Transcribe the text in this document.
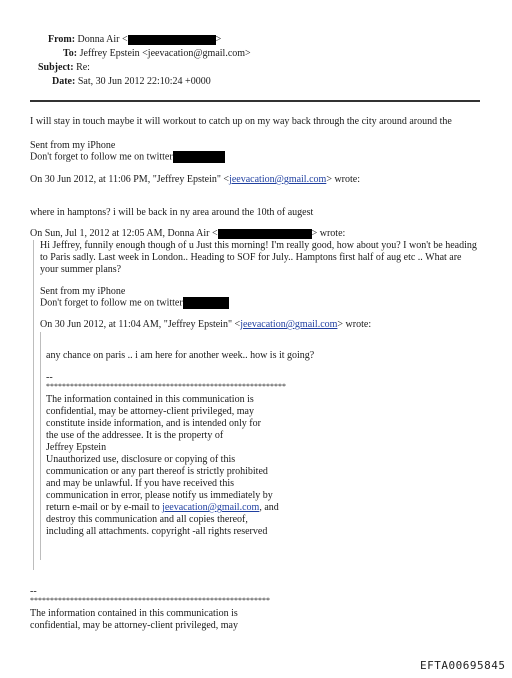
From: Donna Air <	>
To: Jeffrey Epstein <jeevacation@gmail.com>
Subject: Re:
Date: Sat, 30 Jun 2012 22:10:24 +0000
I will stay in touch maybe it will workout to catch up on my way back through the city around around the
Sent from my iPhone
Don't forget to follow me on twitter
On 30 Jun 2012, at 11:06 PM, "Jeffrey Epstein" <jeevacation@gmail.com> wrote:
where in hamptons? i will be back in ny area around the 10th of augest
On Sun, Jul 1, 2012 at 12:05 AM, Donna Air <	> wrote:
Hi Jeffrey, funnily enough though of u Just this morning! I'm really good, how about you? I won't be heading
to Paris sadly. Last week in London.. Heading to SOF for July.. Hamptons first half of aug etc .. What are
your summer plans?
Sent from my iPhone
Don't forget to follow me on twitter
On 30 Jun 2012, at 11:04 AM, "Jeffrey Epstein" <jeevacation@gmail.com> wrote:
any chance on paris .. i am here for another week.. how is it going?
--
************************************************************
The information contained in this communication is
confidential, may be attorney-client privileged, may
constitute inside information, and is intended only for
the use of the addressee. It is the property of
Jeffrey Epstein
Unauthorized use, disclosure or copying of this
communication or any part thereof is strictly prohibited
and may be unlawful. If you have received this
communication in error, please notify us immediately by
return e-mail or by e-mail to jeevacation@gmail.com, and
destroy this communication and all copies thereof,
including all attachments. copyright -all rights reserved
--
************************************************************
The information contained in this communication is
confidential, may be attorney-client privileged, may
EFTA00695845
